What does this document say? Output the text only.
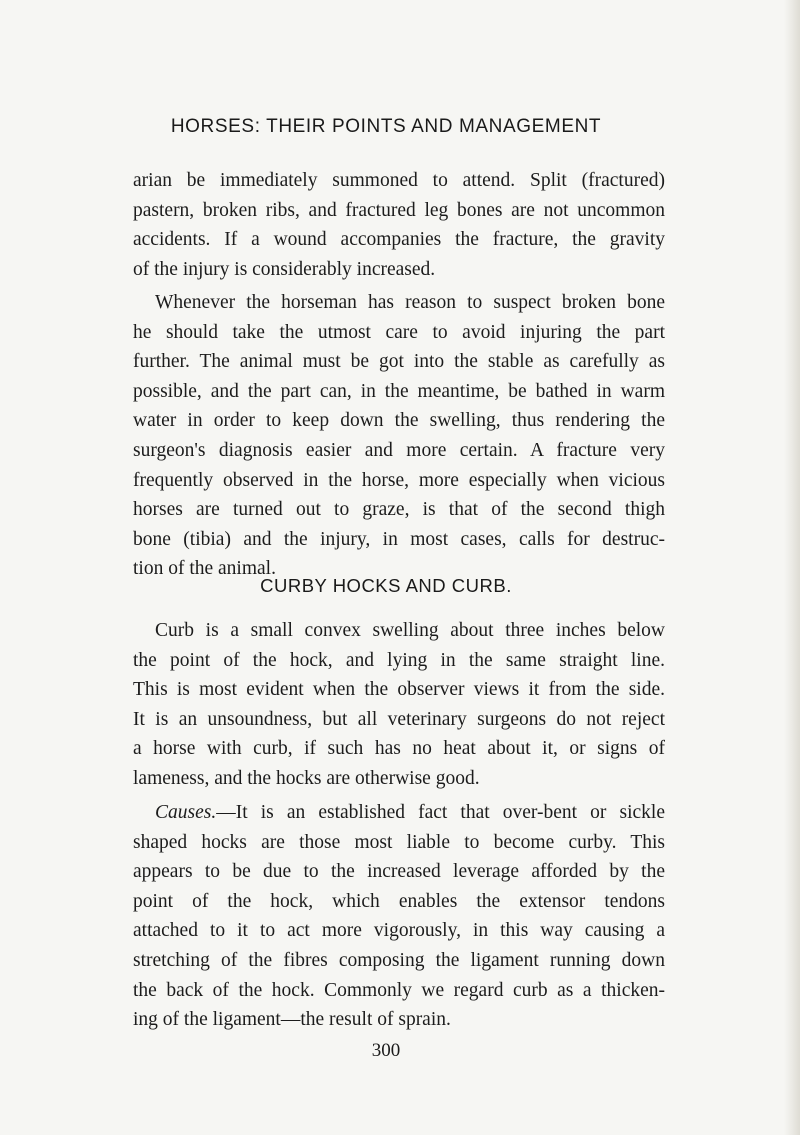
HORSES: THEIR POINTS AND MANAGEMENT
arian be immediately summoned to attend. Split (fractured)
pastern, broken ribs, and fractured leg bones are not uncommon
accidents. If a wound accompanies the fracture, the gravity
of the injury is considerably increased.
Whenever the horseman has reason to suspect broken bone
he should take the utmost care to avoid injuring the part
further. The animal must be got into the stable as carefully as
possible, and the part can, in the meantime, be bathed in warm
water in order to keep down the swelling, thus rendering the
surgeon's diagnosis easier and more certain. A fracture very
frequently observed in the horse, more especially when vicious
horses are turned out to graze, is that of the second thigh
bone (tibia) and the injury, in most cases, calls for destruc-
tion of the animal.
CURBY HOCKS AND CURB.
Curb is a small convex swelling about three inches below
the point of the hock, and lying in the same straight line.
This is most evident when the observer views it from the side.
It is an unsoundness, but all veterinary surgeons do not reject
a horse with curb, if such has no heat about it, or signs of
lameness, and the hocks are otherwise good.
Causes.—It is an established fact that over-bent or sickle
shaped hocks are those most liable to become curby. This
appears to be due to the increased leverage afforded by the
point of the hock, which enables the extensor tendons
attached to it to act more vigorously, in this way causing a
stretching of the fibres composing the ligament running down
the back of the hock. Commonly we regard curb as a thicken-
ing of the ligament—the result of sprain.
300
